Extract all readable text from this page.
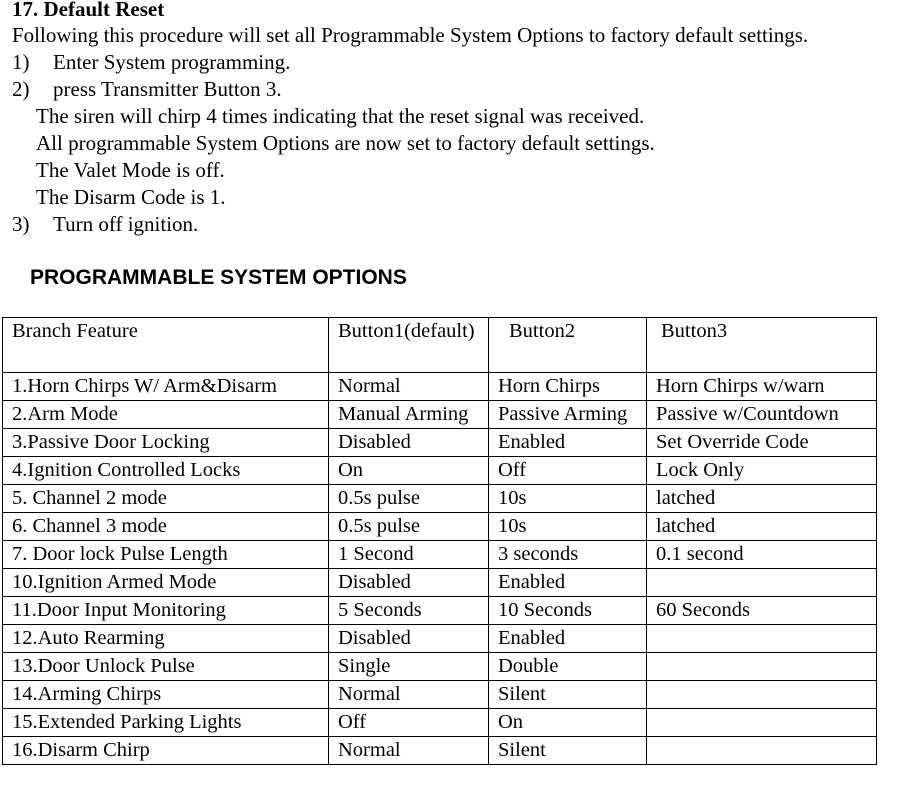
17. Default Reset
Following this procedure will set all Programmable System Options to factory default settings.
1) Enter System programming.
2) press Transmitter Button 3.
The siren will chirp 4 times indicating that the reset signal was received.
All programmable System Options are now set to factory default settings.
The Valet Mode is off.
The Disarm Code is 1.
3) Turn off ignition.
PROGRAMMABLE SYSTEM OPTIONS
Branch Feature	Button1(default)	Button2	Button3
1.Horn Chirps W/ Arm&Disarm	Normal	Horn Chirps	Horn Chirps w/warn
2.Arm Mode	Manual Arming	Passive Arming	Passive w/Countdown
3.Passive Door Locking	Disabled	Enabled	Set Override Code
4.Ignition Controlled Locks	On	Off	Lock Only
5. Channel 2 mode	0.5s pulse	10s	latched
6. Channel 3 mode	0.5s pulse	10s	latched
7. Door lock Pulse Length	1 Second	3 seconds	0.1 second
10.Ignition Armed Mode	Disabled	Enabled	
11.Door Input Monitoring	5 Seconds	10 Seconds	60 Seconds
12.Auto Rearming	Disabled	Enabled	
13.Door Unlock Pulse	Single	Double	
14.Arming Chirps	Normal	Silent	
15.Extended Parking Lights	Off	On	
16.Disarm Chirp	Normal	Silent	
